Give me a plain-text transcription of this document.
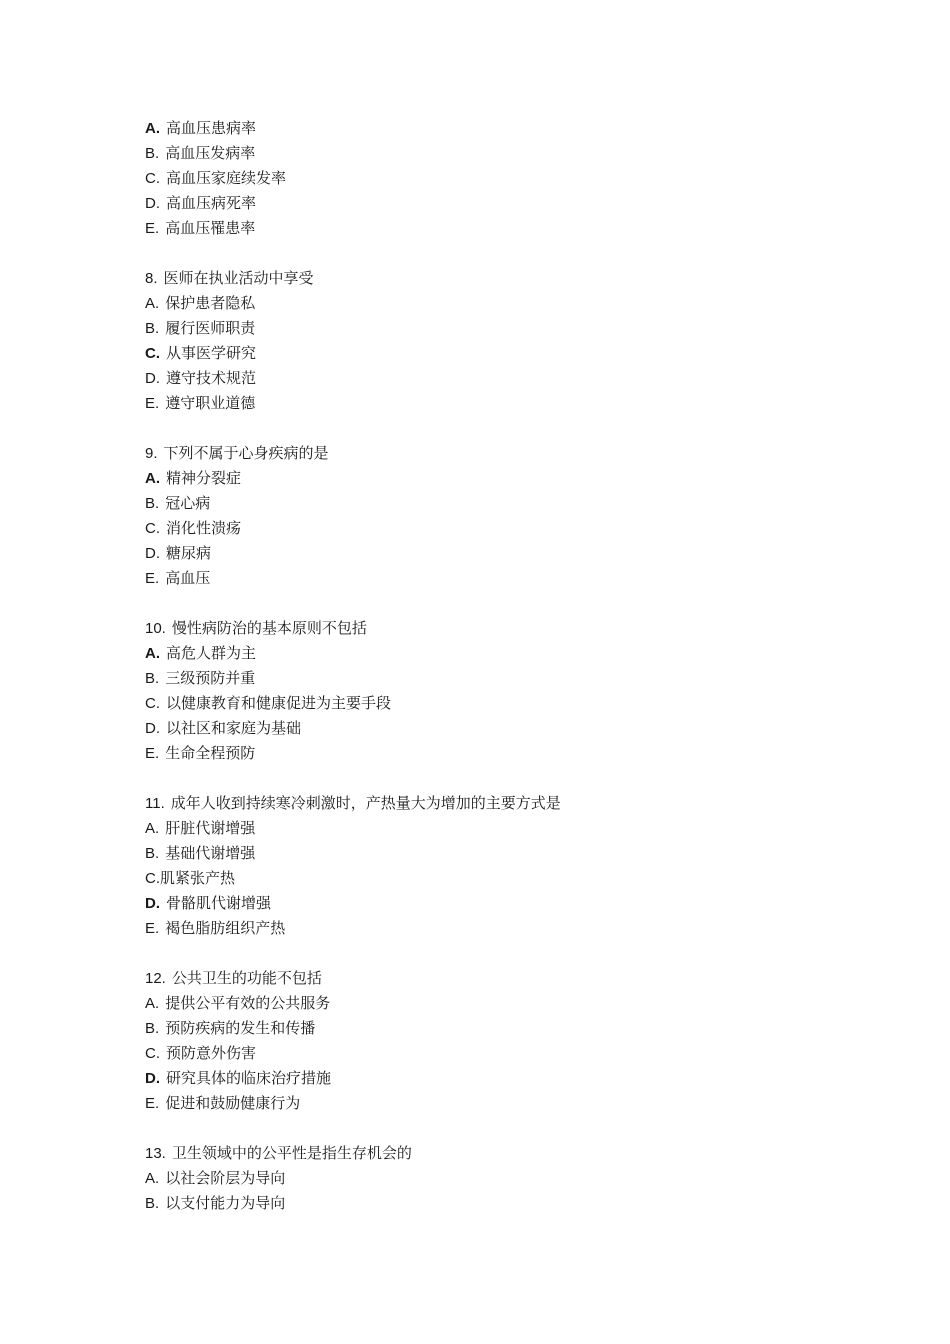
A. 高血压患病率
B. 高血压发病率
C. 高血压家庭续发率
D. 高血压病死率
E. 高血压罹患率
8. 医师在执业活动中享受
A. 保护患者隐私
B. 履行医师职责
C. 从事医学研究
D. 遵守技术规范
E. 遵守职业道德
9. 下列不属于心身疾病的是
A. 精神分裂症
B. 冠心病
C. 消化性溃疡
D. 糖尿病
E. 高血压
10. 慢性病防治的基本原则不包括
A. 高危人群为主
B. 三级预防并重
C. 以健康教育和健康促进为主要手段
D. 以社区和家庭为基础
E. 生命全程预防
11. 成年人收到持续寒冷刺激时，产热量大为增加的主要方式是
A. 肝脏代谢增强
B. 基础代谢增强
C.肌紧张产热
D. 骨骼肌代谢增强
E. 褐色脂肪组织产热
12. 公共卫生的功能不包括
A. 提供公平有效的公共服务
B. 预防疾病的发生和传播
C. 预防意外伤害
D. 研究具体的临床治疗措施
E. 促进和鼓励健康行为
13. 卫生领域中的公平性是指生存机会的
A. 以社会阶层为导向
B. 以支付能力为导向
